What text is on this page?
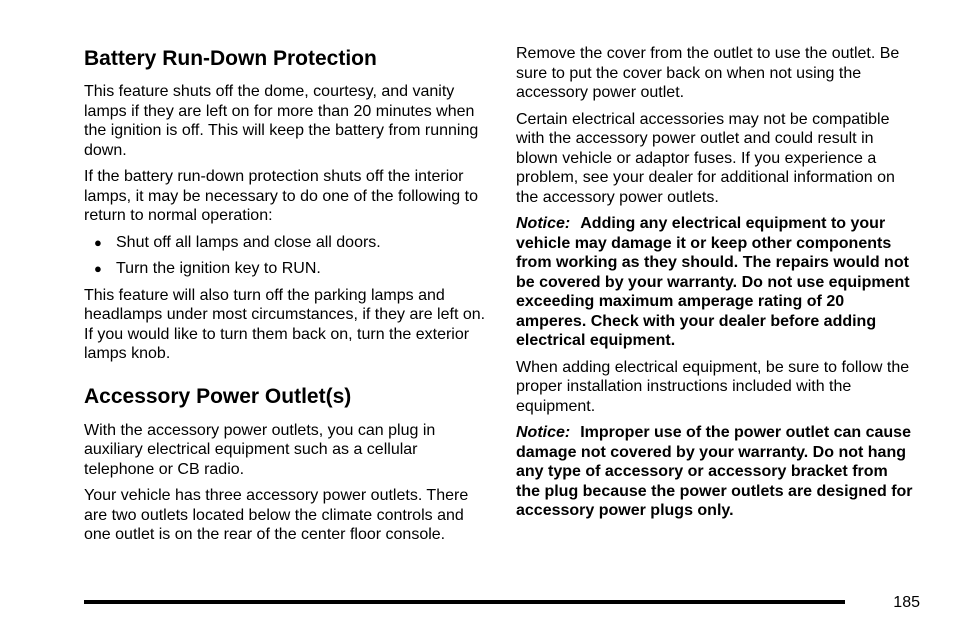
Battery Run-Down Protection

This feature shuts off the dome, courtesy, and vanity lamps if they are left on for more than 20 minutes when the ignition is off. This will keep the battery from running down.

If the battery run-down protection shuts off the interior lamps, it may be necessary to do one of the following to return to normal operation:

● Shut off all lamps and close all doors.
● Turn the ignition key to RUN.

This feature will also turn off the parking lamps and headlamps under most circumstances, if they are left on. If you would like to turn them back on, turn the exterior lamps knob.

Accessory Power Outlet(s)

With the accessory power outlets, you can plug in auxiliary electrical equipment such as a cellular telephone or CB radio.

Your vehicle has three accessory power outlets. There are two outlets located below the climate controls and one outlet is on the rear of the center floor console.

Remove the cover from the outlet to use the outlet. Be sure to put the cover back on when not using the accessory power outlet.

Certain electrical accessories may not be compatible with the accessory power outlet and could result in blown vehicle or adaptor fuses. If you experience a problem, see your dealer for additional information on the accessory power outlets.

Notice: Adding any electrical equipment to your vehicle may damage it or keep other components from working as they should. The repairs would not be covered by your warranty. Do not use equipment exceeding maximum amperage rating of 20 amperes. Check with your dealer before adding electrical equipment.

When adding electrical equipment, be sure to follow the proper installation instructions included with the equipment.

Notice: Improper use of the power outlet can cause damage not covered by your warranty. Do not hang any type of accessory or accessory bracket from the plug because the power outlets are designed for accessory power plugs only.

185
